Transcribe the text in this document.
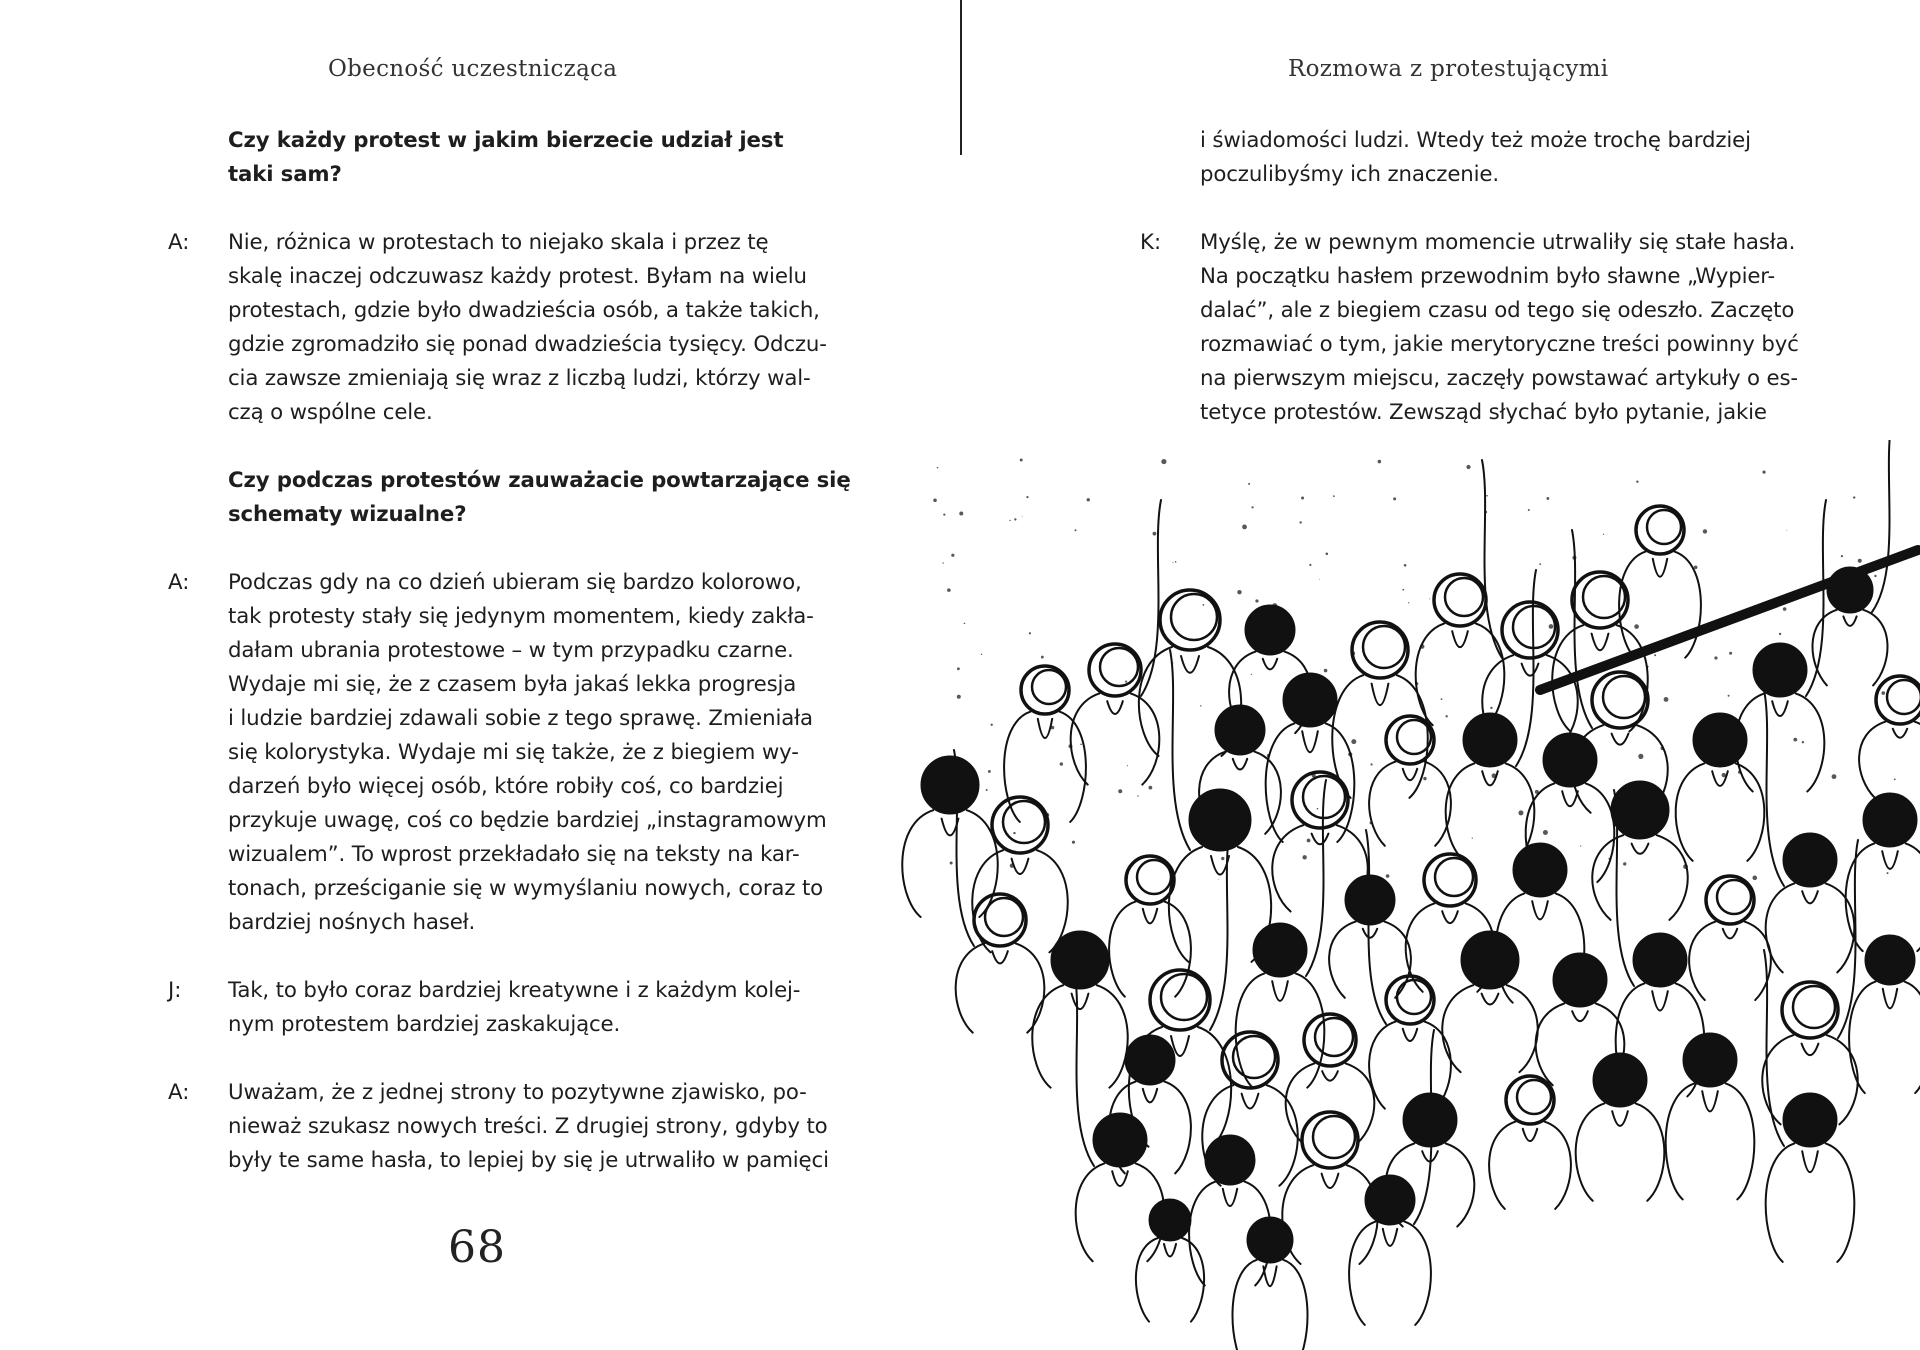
Obecność uczestnicząca
Czy każdy protest w jakim bierzecie udział jest
taki sam?
A: Nie, różnica w protestach to niejako skala i przez tę
skalę inaczej odczuwasz każdy protest. Byłam na wielu
protestach, gdzie było dwadzieścia osób, a także takich,
gdzie zgromadziło się ponad dwadzieścia tysięcy. Odczu-
cia zawsze zmieniają się wraz z liczbą ludzi, którzy wal-
czą o wspólne cele.
Czy podczas protestów zauważacie powtarzające się
schematy wizualne?
A: Podczas gdy na co dzień ubieram się bardzo kolorowo,
tak protesty stały się jedynym momentem, kiedy zakła-
dałam ubrania protestowe – w tym przypadku czarne.
Wydaje mi się, że z czasem była jakaś lekka progresja
i ludzie bardziej zdawali sobie z tego sprawę. Zmieniała
się kolorystyka. Wydaje mi się także, że z biegiem wy-
darzeń było więcej osób, które robiły coś, co bardziej
przykuje uwagę, coś co będzie bardziej „instagramowym
wizualem”. To wprost przekładało się na teksty na kar-
tonach, prześciganie się w wymyślaniu nowych, coraz to
bardziej nośnych haseł.
J: Tak, to było coraz bardziej kreatywne i z każdym kolej-
nym protestem bardziej zaskakujące.
A: Uważam, że z jednej strony to pozytywne zjawisko, po-
nieważ szukasz nowych treści. Z drugiej strony, gdyby to
były te same hasła, to lepiej by się je utrwaliło w pamięci
68
Rozmowa z protestującymi
i świadomości ludzi. Wtedy też może trochę bardziej
poczulibyśmy ich znaczenie.
K: Myślę, że w pewnym momencie utrwaliły się stałe hasła.
Na początku hasłem przewodnim było sławne „Wypier-
dalać”, ale z biegiem czasu od tego się odeszło. Zaczęto
rozmawiać o tym, jakie merytoryczne treści powinny być
na pierwszym miejscu, zaczęły powstawać artykuły o es-
tetyce protestów. Zewsząd słychać było pytanie, jakie
